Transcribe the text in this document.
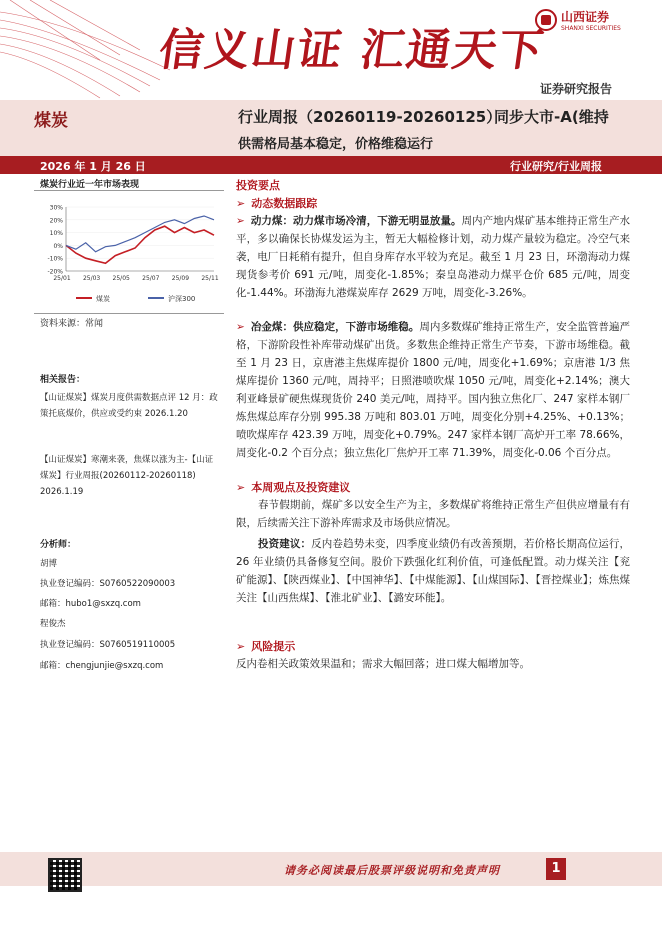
信义山证 汇通天下
山西证券
SHANXI SECURITIES
证券研究报告
煤炭	行业周报（20260119-20260125）
同步大市-A(维持
供需格局基本稳定，价格维稳运行
2026 年 1 月 26 日	行业研究/行业周报
煤炭行业近一年市场表现
30%
20%
10%
0%
-10%
-20%
25/01 25/03 25/05 25/07 25/09 25/11
煤炭	沪深300
资料来源：常闻
相关报告：
【山证煤炭】煤炭月度供需数据点评 12 月：政策托底煤价，供应或受约束 2026.1.20
【山证煤炭】寒潮来袭，焦煤以涨为主-【山证煤炭】行业周报(20260112-20260118) 2026.1.19
分析师：
胡博
执业登记编码：S0760522090003
邮箱：hubo1@sxzq.com
程俊杰
执业登记编码：S0760519110005
邮箱：chengjunjie@sxzq.com
投资要点
➢ 动态数据跟踪

➢ 动力煤：动力煤市场冷清，下游无明显放量。周内产地内煤矿基本维持正常生产水平，多以确保长协煤发运为主，暂无大幅检修计划，动力煤产量较为稳定。冷空气来袭，电厂日耗稍有提升，但自身库存水平较为充足。截至 1 月 23 日，环渤海动力煤现货参考价 691 元/吨，周变化-1.85%；秦皇岛港动力煤平仓价 685 元/吨，周变化-1.44%。环渤海九港煤炭库存 2629 万吨，周变化-3.26%。

➢ 冶金煤：供应稳定，下游市场维稳。周内多数煤矿维持正常生产，安全监管普遍严格，下游阶段性补库带动煤矿出货。多数焦企维持正常生产节奏，下游市场维稳。截至 1 月 23 日，京唐港主焦煤库提价 1800 元/吨，周变化+1.69%；京唐港 1/3 焦煤库提价 1360 元/吨，周持平；日照港喷吹煤 1050 元/吨，周变化+2.14%；澳大利亚峰景矿硬焦煤现货价 240 美元/吨，周持平。国内独立焦化厂、247 家样本钢厂炼焦煤总库存分别 995.38 万吨和 803.01 万吨，周变化分别+4.25%、+0.13%；喷吹煤库存 423.39 万吨，周变化+0.79%。247 家样本钢厂高炉开工率 78.66%，周变化-0.2 个百分点；独立焦化厂焦炉开工率 71.39%，周变化-0.06 个百分点。

➢ 本周观点及投资建议

春节假期前，煤矿多以安全生产为主，多数煤矿将维持正常生产但供应增量有有限，后续需关注下游补库需求及市场供应情况。

投资建议：反内卷趋势未变，四季度业绩仍有改善预期，若价格长期高位运行，26 年业绩仍具备修复空间。股价下跌强化红利价值，可逢低配置。动力煤关注【兖矿能源】、【陕西煤业】、【中国神华】、【中煤能源】、【山煤国际】、【晋控煤业】；炼焦煤关注【山西焦煤】、【淮北矿业】、【潞安环能】。

➢ 风险提示

反内卷相关政策效果温和；需求大幅回落；进口煤大幅增加等。

请务必阅读最后股票评级说明和免责声明	1
